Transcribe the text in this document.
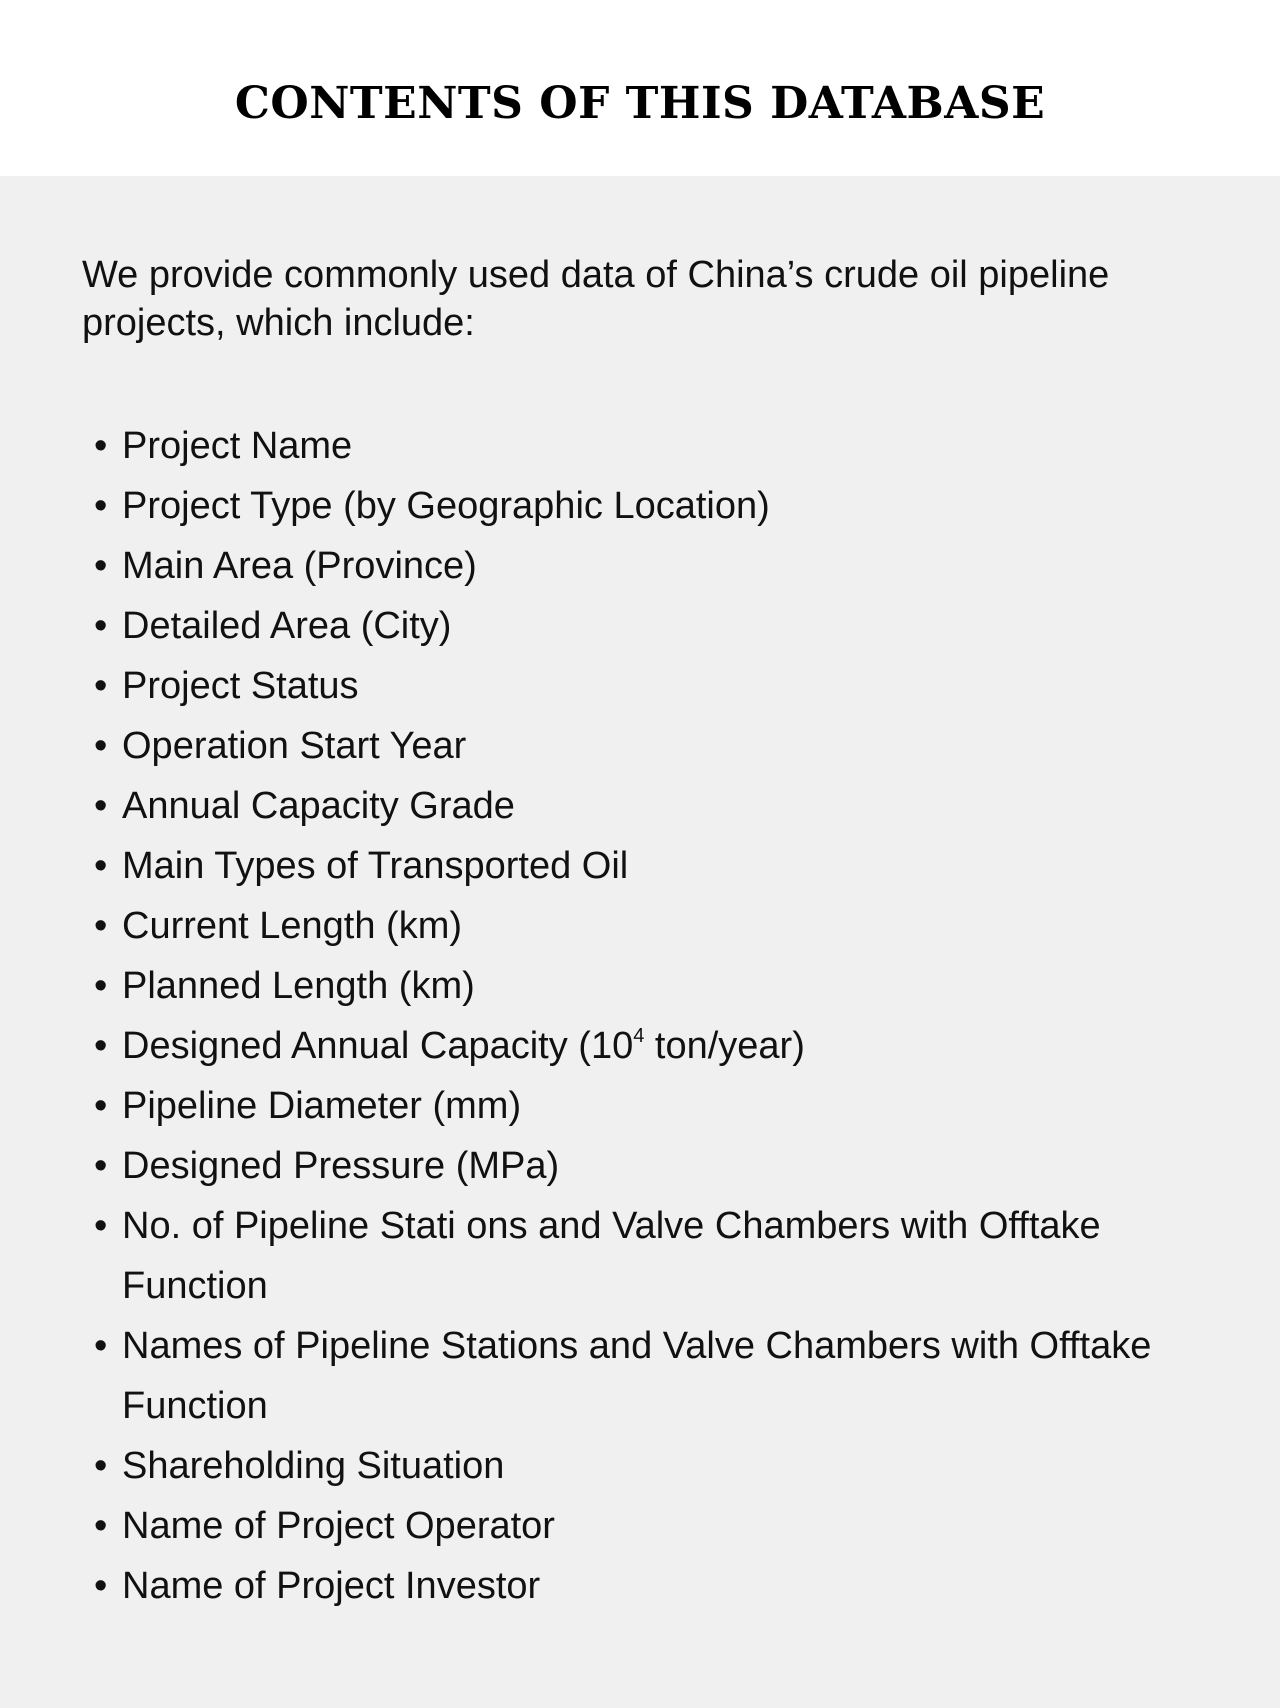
CONTENTS OF THIS DATABASE

We provide commonly used data of China’s crude oil pipeline projects, which include:

• Project Name
• Project Type (by Geographic Location)
• Main Area (Province)
• Detailed Area (City)
• Project Status
• Operation Start Year
• Annual Capacity Grade
• Main Types of Transported Oil
• Current Length (km)
• Planned Length (km)
• Designed Annual Capacity ($10^4$ ton/year)
• Pipeline Diameter (mm)
• Designed Pressure (MPa)
• No. of Pipeline Stati ons and Valve Chambers with Offtake Function
• Names of Pipeline Stations and Valve Chambers with Offtake Function
• Shareholding Situation
• Name of Project Operator
• Name of Project Investor
